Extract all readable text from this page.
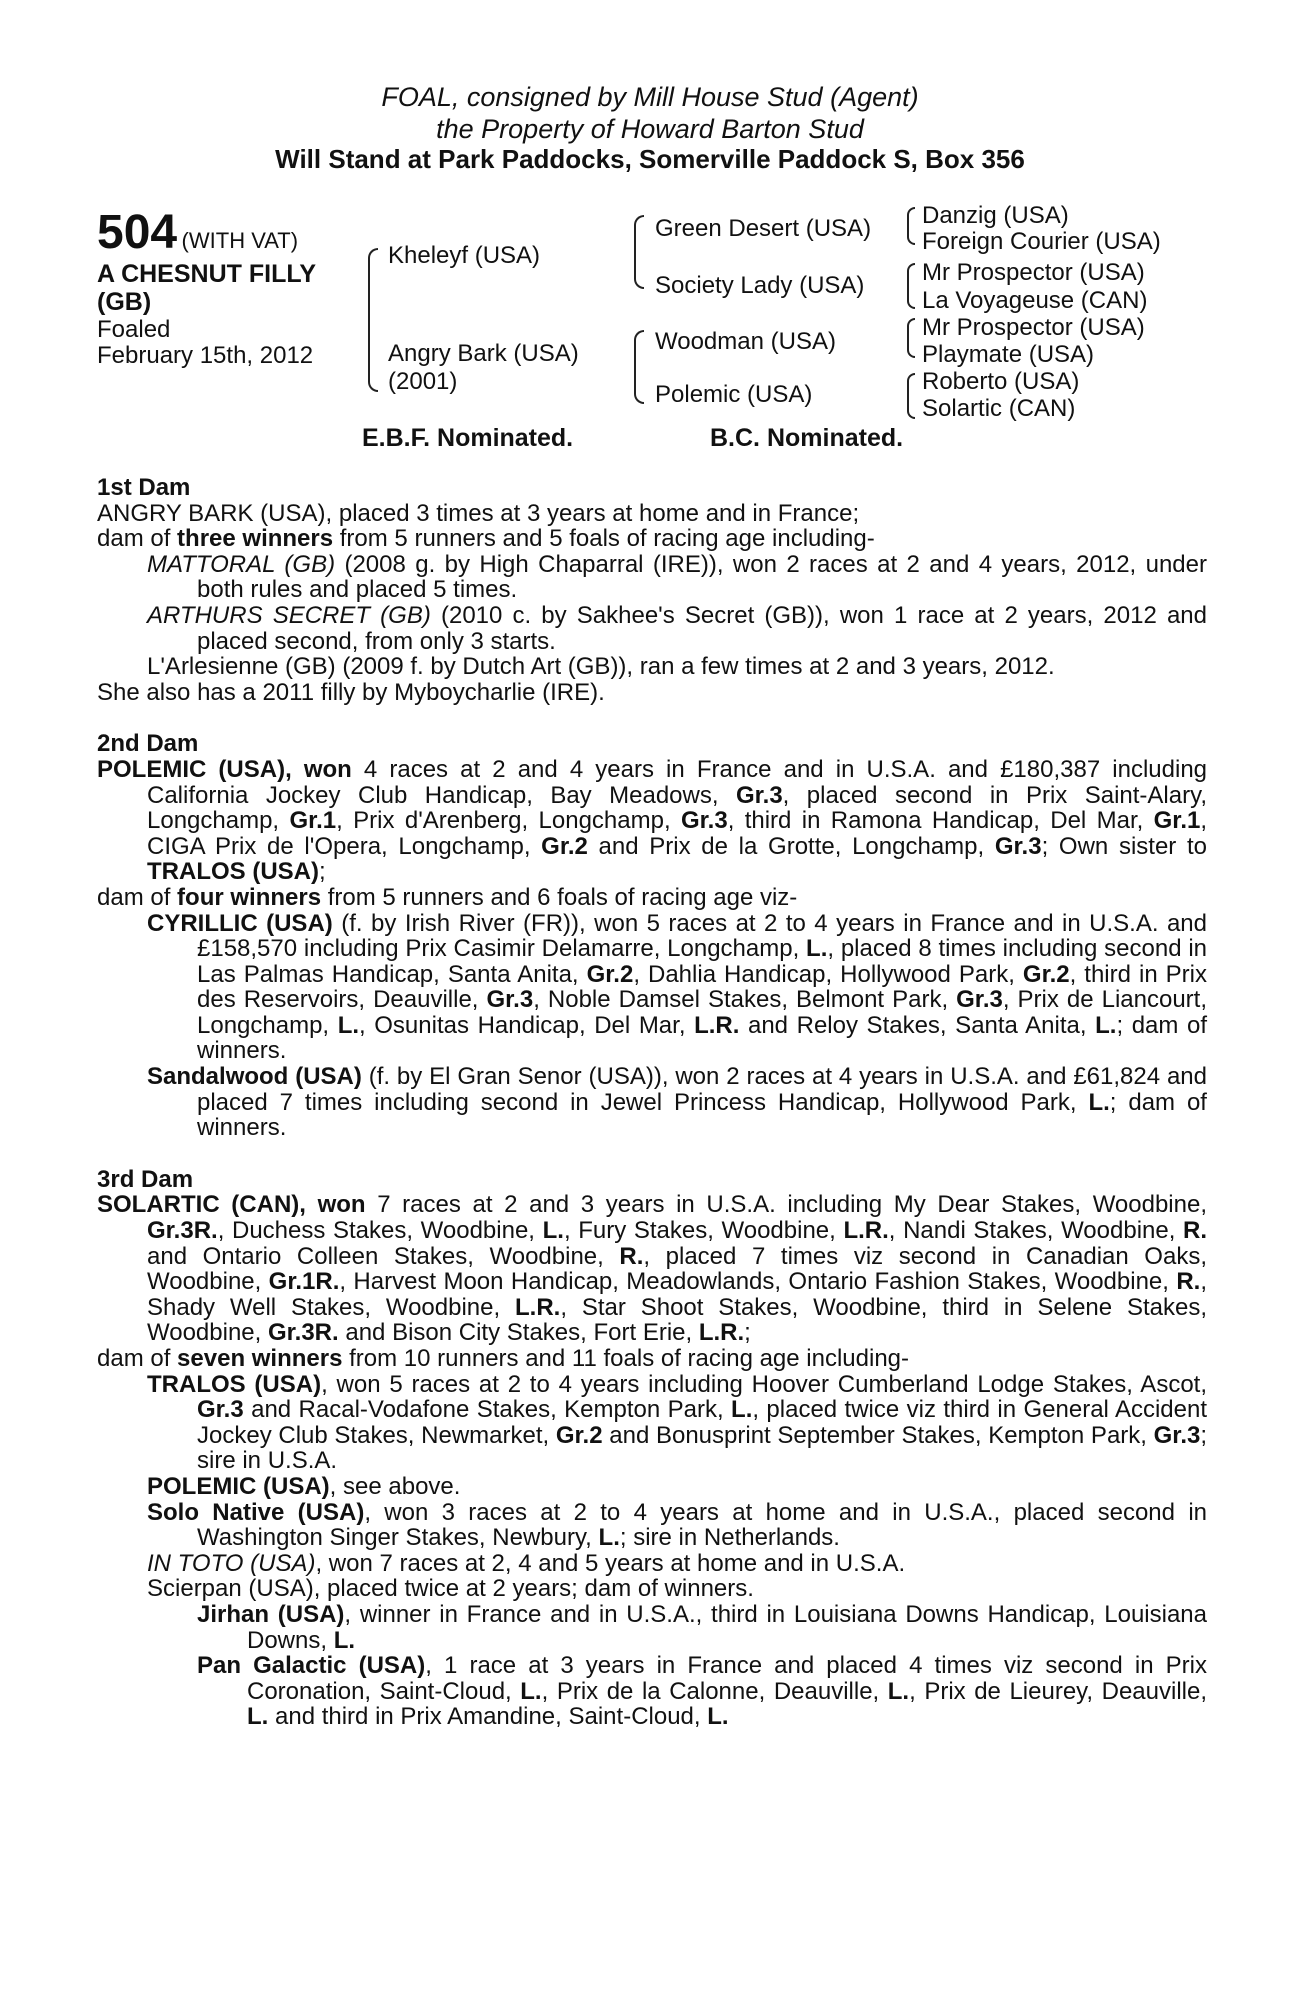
FOAL, consigned by Mill House Stud (Agent)
the Property of Howard Barton Stud
Will Stand at Park Paddocks, Somerville Paddock S, Box 356
504 (WITH VAT)
A CHESNUT FILLY
(GB)
Foaled
February 15th, 2012
Kheleyf (USA)
Angry Bark (USA)
(2001)
Green Desert (USA)
Society Lady (USA)
Woodman (USA)
Polemic (USA)
Danzig (USA)
Foreign Courier (USA)
Mr Prospector (USA)
La Voyageuse (CAN)
Mr Prospector (USA)
Playmate (USA)
Roberto (USA)
Solartic (CAN)
E.B.F. Nominated.	B.C. Nominated.

1st Dam

ANGRY BARK (USA), placed 3 times at 3 years at home and in France;

dam of three winners from 5 runners and 5 foals of racing age including-

MATTORAL (GB) (2008 g. by High Chaparral (IRE)), won 2 races at 2 and 4 years, 2012, under both rules and placed 5 times.

ARTHURS SECRET (GB) (2010 c. by Sakhee's Secret (GB)), won 1 race at 2 years, 2012 and placed second, from only 3 starts.

L'Arlesienne (GB) (2009 f. by Dutch Art (GB)), ran a few times at 2 and 3 years, 2012.

She also has a 2011 filly by Myboycharlie (IRE).

2nd Dam

POLEMIC (USA), won 4 races at 2 and 4 years in France and in U.S.A. and £180,387 including California Jockey Club Handicap, Bay Meadows, Gr.3, placed second in Prix Saint-Alary, Longchamp, Gr.1, Prix d'Arenberg, Longchamp, Gr.3, third in Ramona Handicap, Del Mar, Gr.1, CIGA Prix de l'Opera, Longchamp, Gr.2 and Prix de la Grotte, Longchamp, Gr.3; Own sister to TRALOS (USA);

dam of four winners from 5 runners and 6 foals of racing age viz-

CYRILLIC (USA) (f. by Irish River (FR)), won 5 races at 2 to 4 years in France and in U.S.A. and £158,570 including Prix Casimir Delamarre, Longchamp, L., placed 8 times including second in Las Palmas Handicap, Santa Anita, Gr.2, Dahlia Handicap, Hollywood Park, Gr.2, third in Prix des Reservoirs, Deauville, Gr.3, Noble Damsel Stakes, Belmont Park, Gr.3, Prix de Liancourt, Longchamp, L., Osunitas Handicap, Del Mar, L.R. and Reloy Stakes, Santa Anita, L.; dam of winners.

Sandalwood (USA) (f. by El Gran Senor (USA)), won 2 races at 4 years in U.S.A. and £61,824 and placed 7 times including second in Jewel Princess Handicap, Hollywood Park, L.; dam of winners.

3rd Dam

SOLARTIC (CAN), won 7 races at 2 and 3 years in U.S.A. including My Dear Stakes, Woodbine, Gr.3R., Duchess Stakes, Woodbine, L., Fury Stakes, Woodbine, L.R., Nandi Stakes, Woodbine, R. and Ontario Colleen Stakes, Woodbine, R., placed 7 times viz second in Canadian Oaks, Woodbine, Gr.1R., Harvest Moon Handicap, Meadowlands, Ontario Fashion Stakes, Woodbine, R., Shady Well Stakes, Woodbine, L.R., Star Shoot Stakes, Woodbine, third in Selene Stakes, Woodbine, Gr.3R. and Bison City Stakes, Fort Erie, L.R.;

dam of seven winners from 10 runners and 11 foals of racing age including-

TRALOS (USA), won 5 races at 2 to 4 years including Hoover Cumberland Lodge Stakes, Ascot, Gr.3 and Racal-Vodafone Stakes, Kempton Park, L., placed twice viz third in General Accident Jockey Club Stakes, Newmarket, Gr.2 and Bonusprint September Stakes, Kempton Park, Gr.3; sire in U.S.A.

POLEMIC (USA), see above.

Solo Native (USA), won 3 races at 2 to 4 years at home and in U.S.A., placed second in Washington Singer Stakes, Newbury, L.; sire in Netherlands.

IN TOTO (USA), won 7 races at 2, 4 and 5 years at home and in U.S.A.

Scierpan (USA), placed twice at 2 years; dam of winners.

Jirhan (USA), winner in France and in U.S.A., third in Louisiana Downs Handicap, Louisiana Downs, L.

Pan Galactic (USA), 1 race at 3 years in France and placed 4 times viz second in Prix Coronation, Saint-Cloud, L., Prix de la Calonne, Deauville, L., Prix de Lieurey, Deauville, L. and third in Prix Amandine, Saint-Cloud, L.
